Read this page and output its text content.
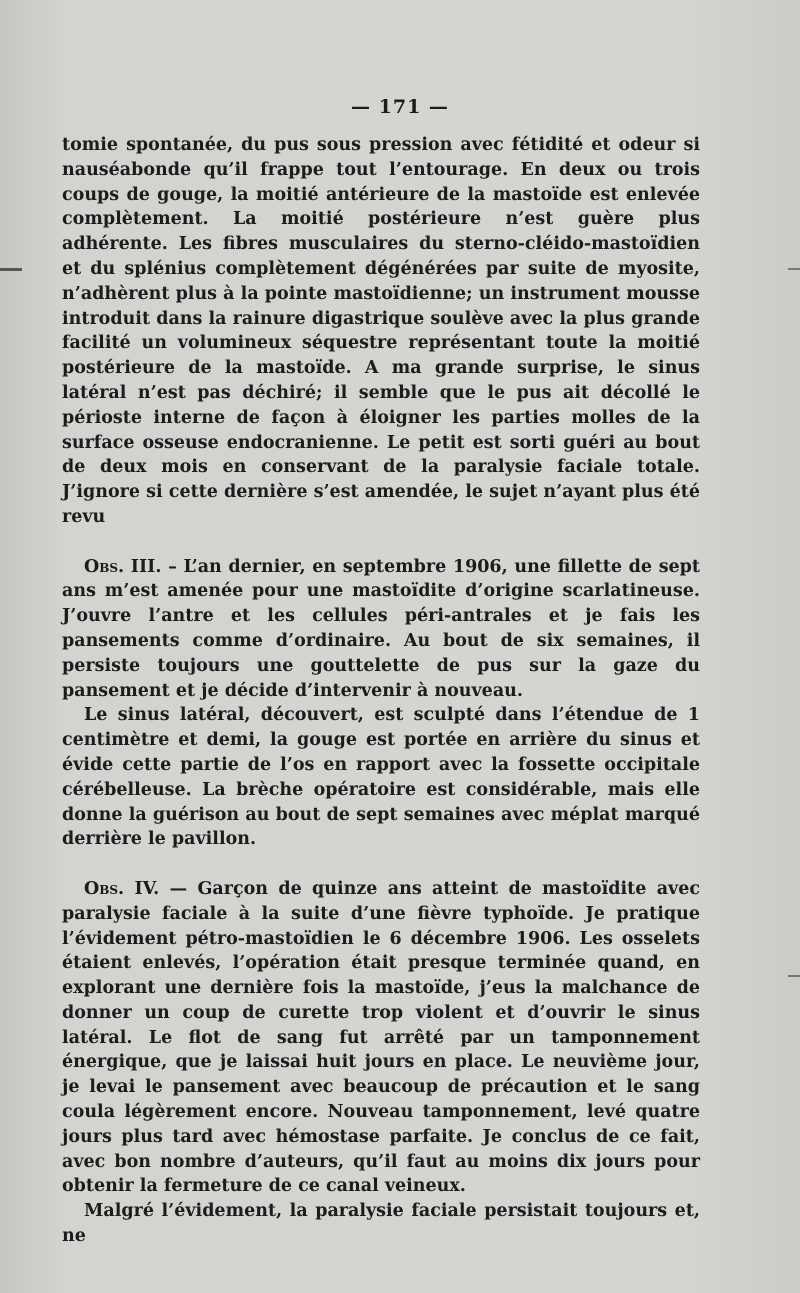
— 171 —

tomie spontanée, du pus sous pression avec fétidité et odeur si nauséabonde qu’il frappe tout l’entourage. En deux ou trois coups de gouge, la moitié antérieure de la mastoïde est enlevée complètement. La moitié postérieure n’est guère plus adhérente. Les fibres musculaires du sterno-cléido-mastoïdien et du splénius complètement dégénérées par suite de myosite, n’adhèrent plus à la pointe mastoïdienne; un instrument mousse introduit dans la rainure digastrique soulève avec la plus grande facilité un volumineux séquestre représentant toute la moitié postérieure de la mastoïde. A ma grande surprise, le sinus latéral n’est pas déchiré; il semble que le pus ait décollé le périoste interne de façon à éloigner les parties molles de la surface osseuse endocranienne. Le petit est sorti guéri au bout de deux mois en conservant de la paralysie faciale totale. J’ignore si cette dernière s’est amendée, le sujet n’ayant plus été revu

Obs. III. – L’an dernier, en septembre 1906, une fillette de sept ans m’est amenée pour une mastoïdite d’origine scarlatineuse. J’ouvre l’antre et les cellules péri-antrales et je fais les pansements comme d’ordinaire. Au bout de six semaines, il persiste toujours une gouttelette de pus sur la gaze du pansement et je décide d’intervenir à nouveau.

Le sinus latéral, découvert, est sculpté dans l’étendue de 1 centimètre et demi, la gouge est portée en arrière du sinus et évide cette partie de l’os en rapport avec la fossette occipitale cérébelleuse. La brèche opératoire est considérable, mais elle donne la guérison au bout de sept semaines avec méplat marqué derrière le pavillon.

Obs. IV. — Garçon de quinze ans atteint de mastoïdite avec paralysie faciale à la suite d’une fièvre typhoïde. Je pratique l’évidement pétro-mastoïdien le 6 décembre 1906. Les osselets étaient enlevés, l’opération était presque terminée quand, en explorant une dernière fois la mastoïde, j’eus la malchance de donner un coup de curette trop violent et d’ouvrir le sinus latéral. Le flot de sang fut arrêté par un tamponnement énergique, que je laissai huit jours en place. Le neuvième jour, je levai le pansement avec beaucoup de précaution et le sang coula légèrement encore. Nouveau tamponnement, levé quatre jours plus tard avec hémostase parfaite. Je conclus de ce fait, avec bon nombre d’auteurs, qu’il faut au moins dix jours pour obtenir la fermeture de ce canal veineux.

Malgré l’évidement, la paralysie faciale persistait toujours et, ne
